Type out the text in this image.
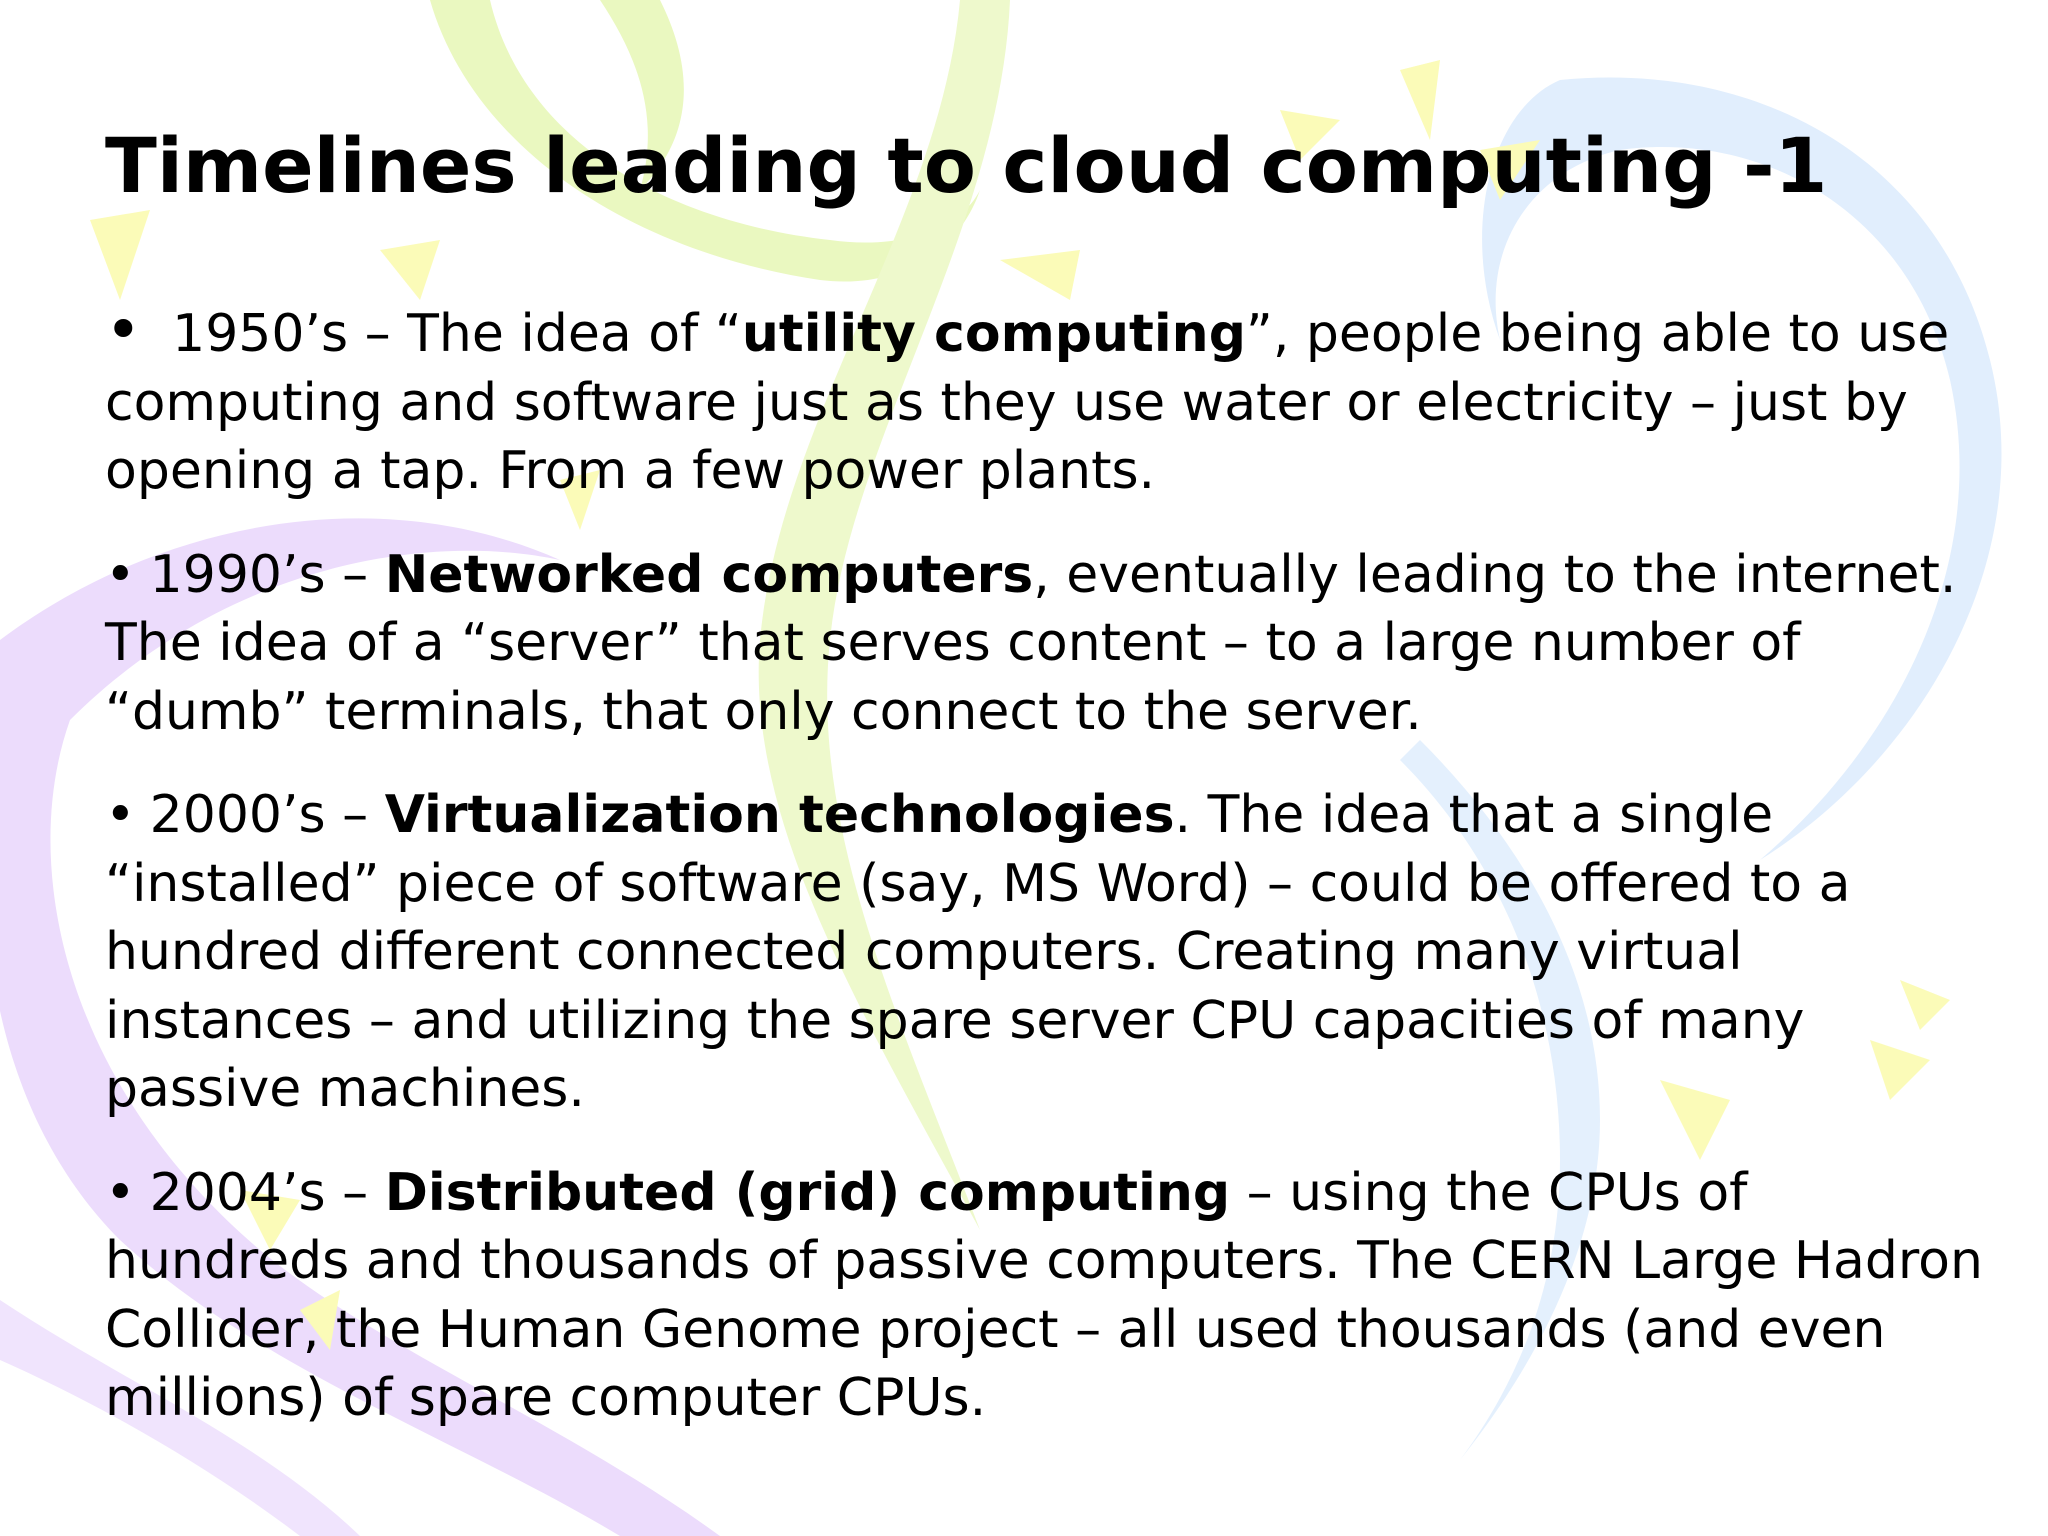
Timelines leading to cloud computing -1
• 1950’s – The idea of “utility computing”, people being able to use computing and software just as they use water or electricity – just by opening a tap. From a few power plants.
• 1990’s – Networked computers, eventually leading to the internet. The idea of a “server” that serves content – to a large number of “dumb” terminals, that only connect to the server.
• 2000’s – Virtualization technologies. The idea that a single “installed” piece of software (say, MS Word) – could be offered to a hundred different connected computers. Creating many virtual instances – and utilizing the spare server CPU capacities of many passive machines.
• 2004’s – Distributed (grid) computing – using the CPUs of hundreds and thousands of passive computers. The CERN Large Hadron Collider, the Human Genome project – all used thousands (and even millions) of spare computer CPUs.
